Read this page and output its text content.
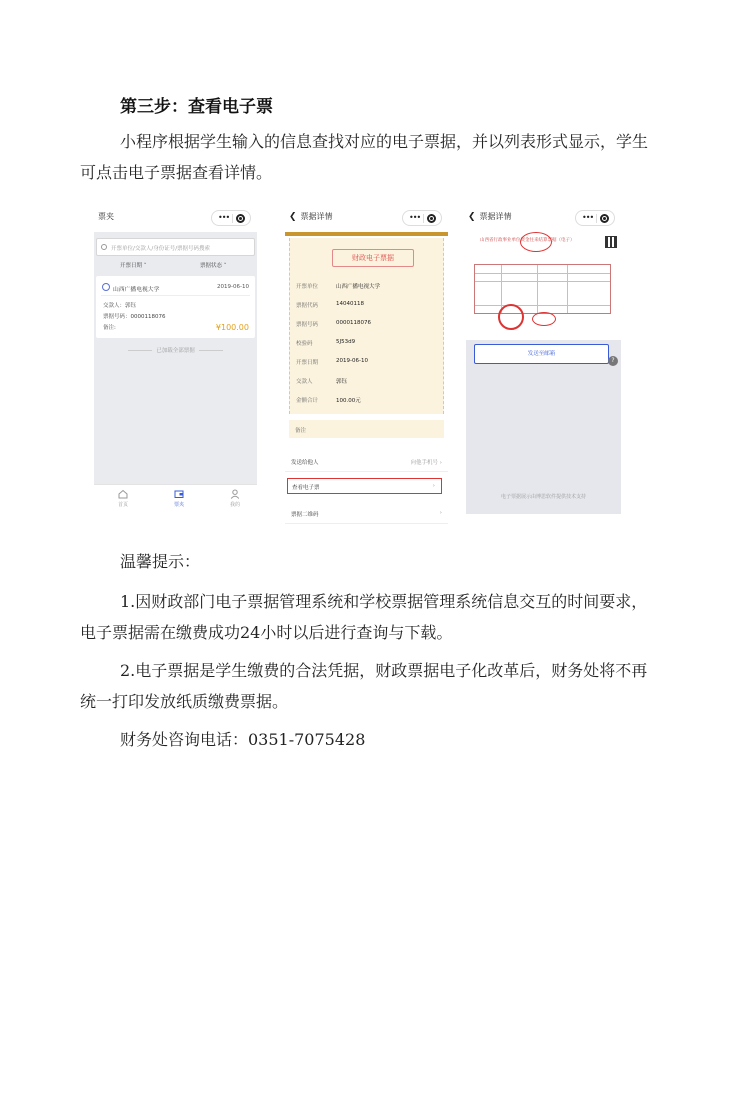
第三步：查看电子票
小程序根据学生输入的信息查找对应的电子票据，并以列表形式显示，学生可点击电子票据查看详情。
票夹	•••
开票单位/交款人/身份证号/票据号码搜索
开票日期 ˅	票据状态 ˅
山西广播电视大学	2019-06-10
交款人：郭钰
票据号码：0000118076
备注:	¥100.00
已加载全部票据
首页	票夹	我的
❮ 票据详情	•••
财政电子票据
开票单位	山西广播电视大学
票据代码	14040118
票据号码	0000118076
校验码	5J53d9
开票日期	2019-06-10
交款人	郭钰
金额合计	100.00元
备注
发送给他人	向他手机号 ›
查看电子票	›
票据二维码	›
❮ 票据详情	•••
山西省行政事业单位资金往来结算票据（电子）
发送至邮箱
?
电子票据展示由博思软件提供技术支持
温馨提示：
1.因财政部门电子票据管理系统和学校票据管理系统信息交互的时间要求，电子票据需在缴费成功24小时以后进行查询与下载。
2.电子票据是学生缴费的合法凭据，财政票据电子化改革后，财务处将不再统一打印发放纸质缴费票据。
财务处咨询电话：0351-7075428
